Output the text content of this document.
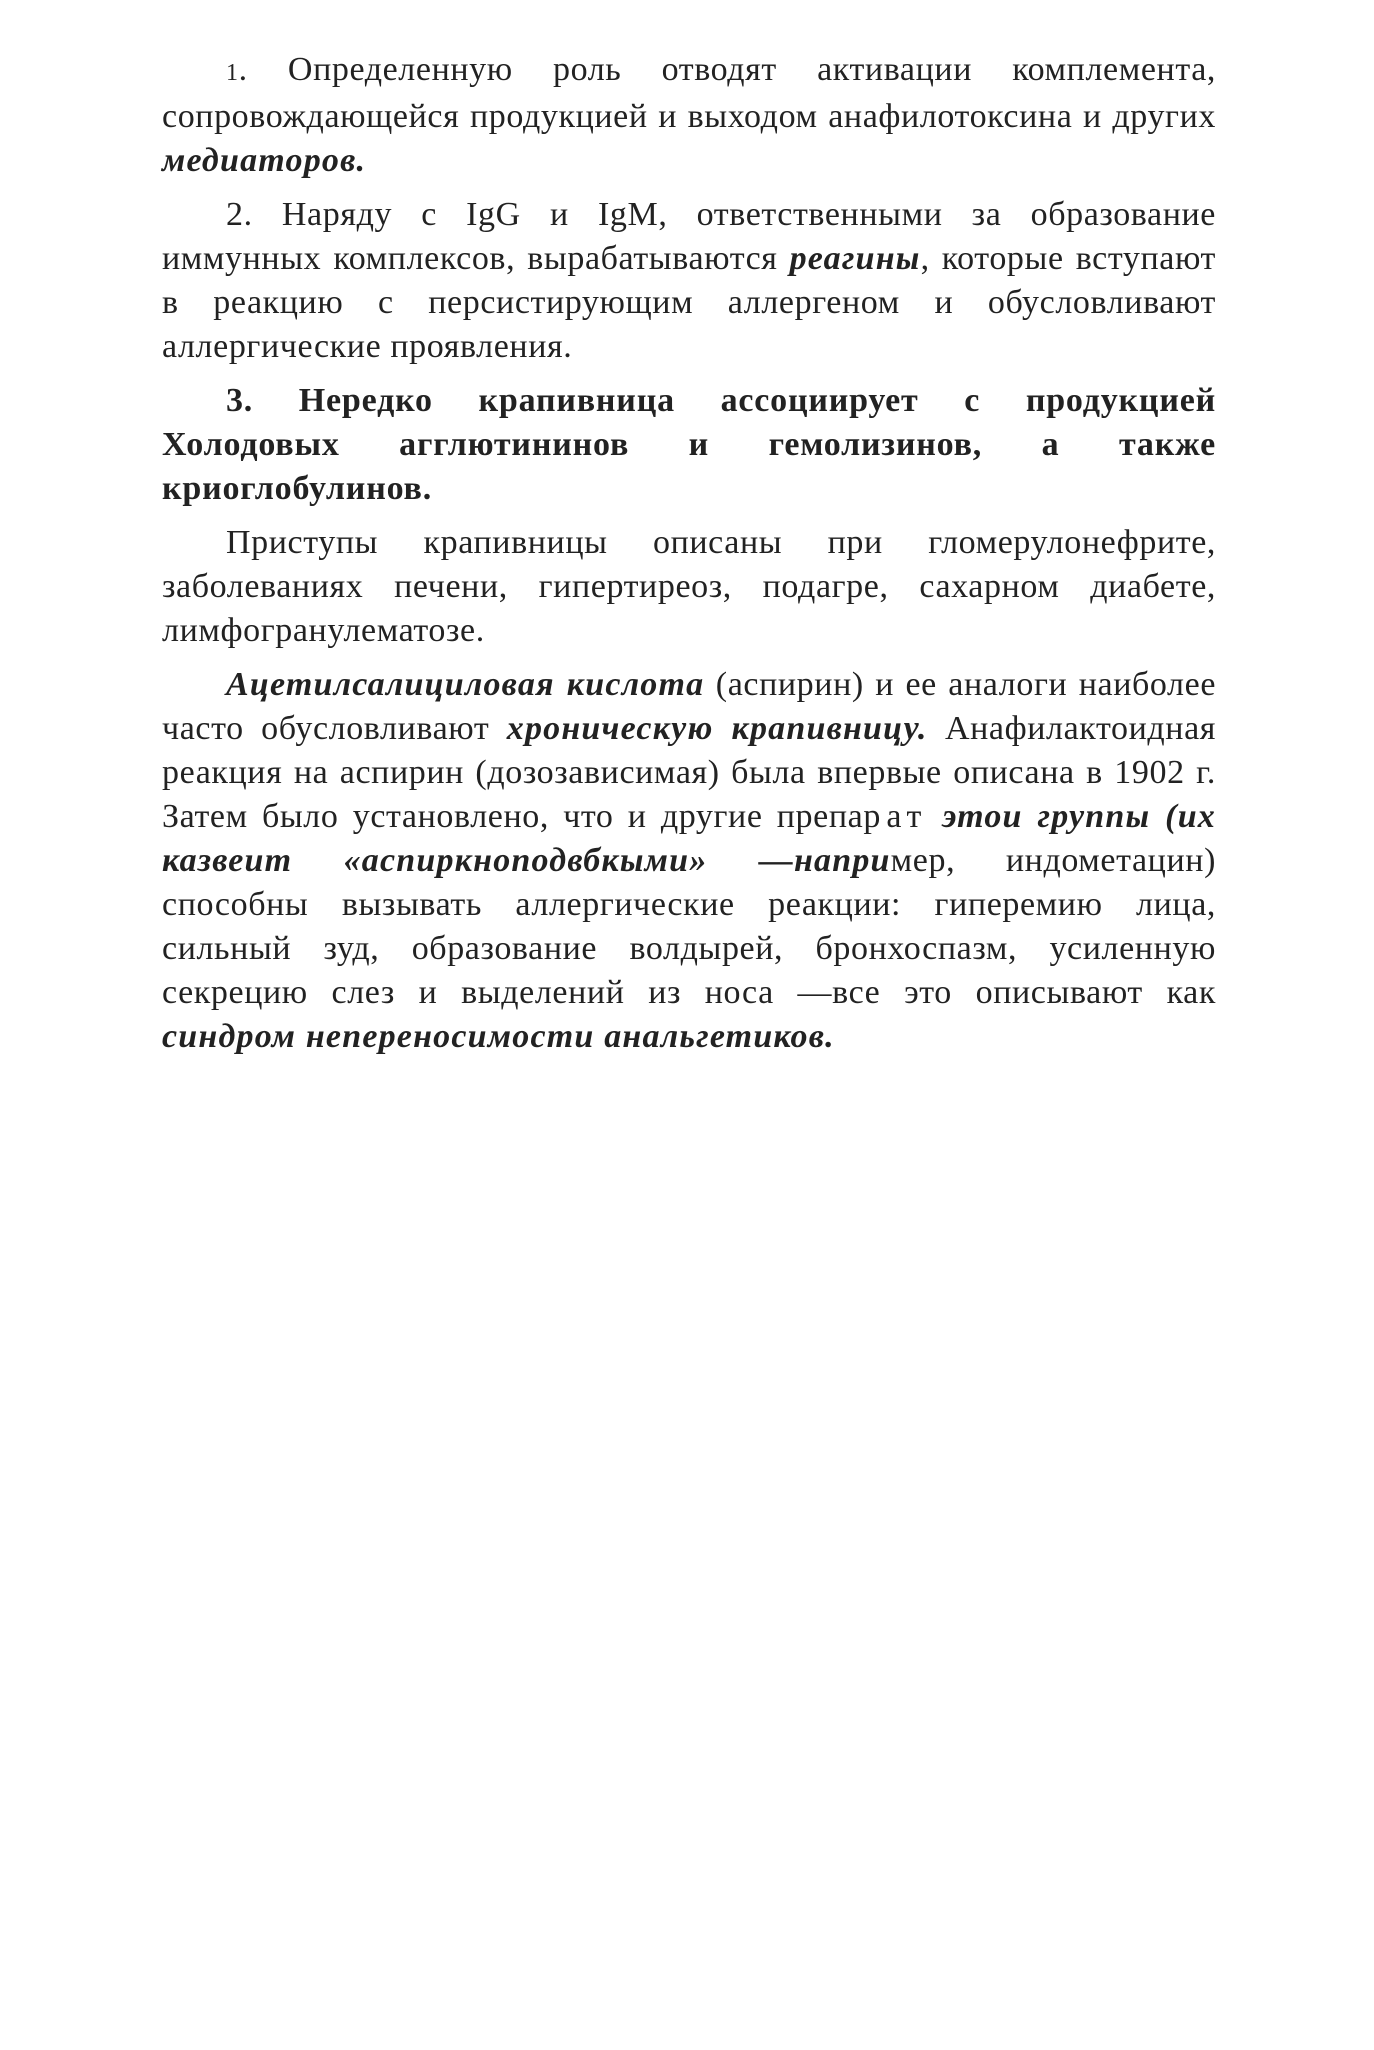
1. Определенную роль отводят активации комплемента, сопровождающейся продукцией и выходом анафилотоксина и других медиаторов.

2. Наряду с IgG и IgM, ответственными за образование иммунных комплексов, вырабатываются реагины, которые вступают в реакцию с персистирующим аллергеном и обусловливают аллергические проявления.

3. Нередко крапивница ассоциирует с продукцией Холодовых агглютининов и гемолизинов, а также криоглобулинов.

Приступы крапивницы описаны при гломерулонефрите, заболеваниях печени, гипертиреоз, подагре, сахарном диабете, лимфогранулематозе.

Ацетилсалициловая кислота (аспирин) и ее аналоги наиболее часто обусловливают хроническую крапивницу. Анафилактоидная реакция на аспирин (дозозависимая) была впервые описана в 1902 г. Затем было установлено, что и другие препарат этои группы (их казвеит «аспиркноподвбкыми» —например, индометацин) способны вызывать аллергические реакции: гиперемию лица, сильный зуд, образование волдырей, бронхоспазм, усиленную секрецию слез и выделений из носа —все это описывают как синдром непереносимости анальгетиков.
